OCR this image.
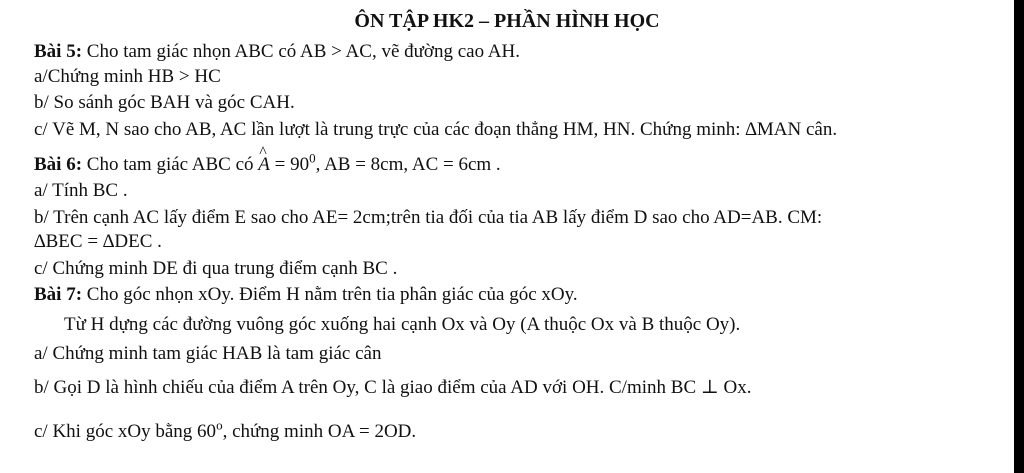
ÔN TẬP HK2 – PHẦN HÌNH HỌC
Bài 5: Cho tam giác nhọn ABC có AB > AC, vẽ đường cao AH.
a/Chứng minh HB > HC
b/ So sánh góc BAH và góc CAH.
c/ Vẽ M, N sao cho AB, AC lần lượt là trung trực của các đoạn thẳng HM, HN. Chứng minh: ∆MAN cân.
Bài 6: Cho tam giác ABC có ^ $A = 90^0$, AB = 8cm, AC = 6cm .
a/ Tính BC .
b/ Trên cạnh AC lấy điểm E sao cho AE= 2cm;trên tia đối của tia AB lấy điểm D sao cho AD=AB. CM:
∆BEC = ∆DEC .
c/ Chứng minh DE đi qua trung điểm cạnh BC .
Bài 7: Cho góc nhọn xOy. Điểm H nằm trên tia phân giác của góc xOy.
Từ H dựng các đường vuông góc xuống hai cạnh Ox và Oy (A thuộc Ox và B thuộc Oy).
a/ Chứng minh tam giác HAB là tam giác cân
b/ Gọi D là hình chiếu của điểm A trên Oy, C là giao điểm của AD với OH. C/minh BC ⊥ Ox.
c/ Khi góc xOy bằng 60$^o$, chứng minh OA = 2OD.
